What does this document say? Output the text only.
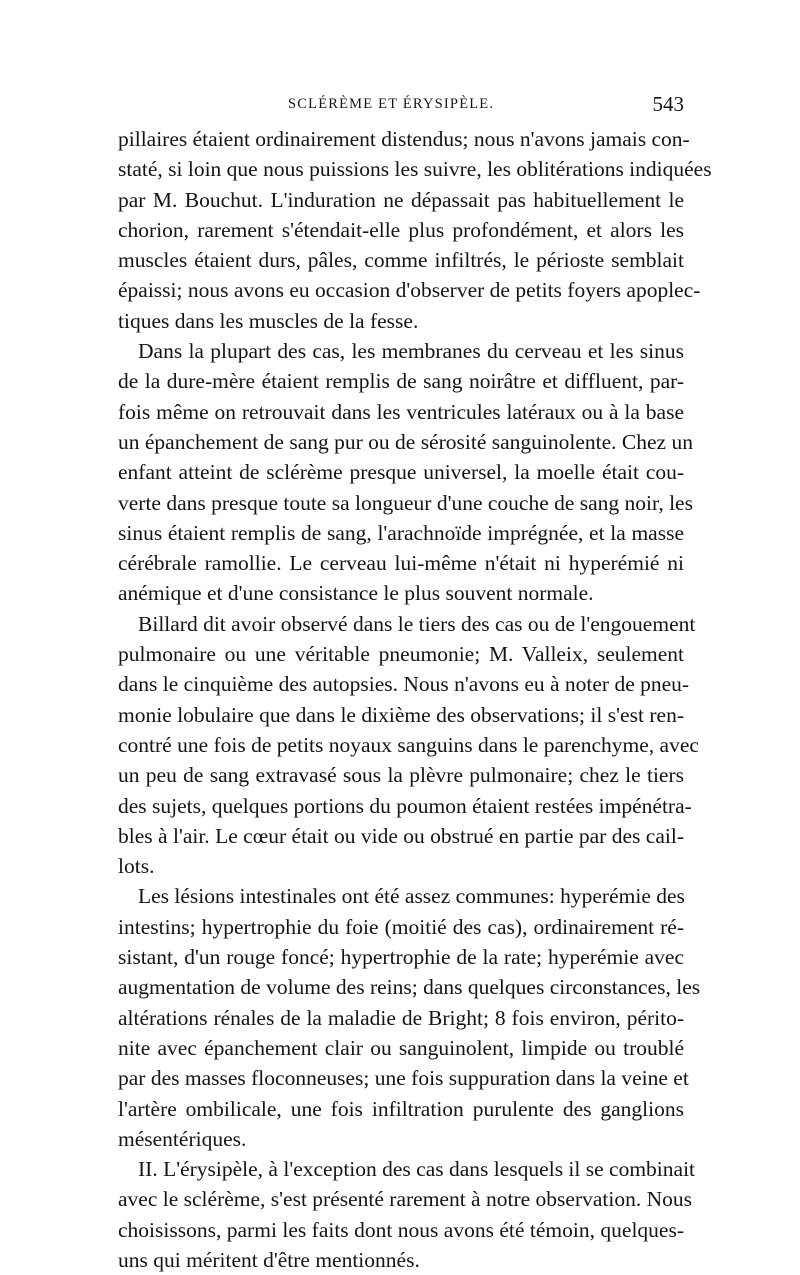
SCLÉRÈME ET ÉRYSIPÈLE.	543
pillaires étaient ordinairement distendus; nous n'avons jamais con-
staté, si loin que nous puissions les suivre, les oblitérations indiquées
par M. Bouchut. L'induration ne dépassait pas habituellement le
chorion, rarement s'étendait-elle plus profondément, et alors les
muscles étaient durs, pâles, comme infiltrés, le périoste semblait
épaissi; nous avons eu occasion d'observer de petits foyers apoplec-
tiques dans les muscles de la fesse.
Dans la plupart des cas, les membranes du cerveau et les sinus
de la dure-mère étaient remplis de sang noirâtre et diffluent, par-
fois même on retrouvait dans les ventricules latéraux ou à la base
un épanchement de sang pur ou de sérosité sanguinolente. Chez un
enfant atteint de sclérème presque universel, la moelle était cou-
verte dans presque toute sa longueur d'une couche de sang noir, les
sinus étaient remplis de sang, l'arachnoïde imprégnée, et la masse
cérébrale ramollie. Le cerveau lui-même n'était ni hyperémié ni
anémique et d'une consistance le plus souvent normale.
Billard dit avoir observé dans le tiers des cas ou de l'engouement
pulmonaire ou une véritable pneumonie; M. Valleix, seulement
dans le cinquième des autopsies. Nous n'avons eu à noter de pneu-
monie lobulaire que dans le dixième des observations; il s'est ren-
contré une fois de petits noyaux sanguins dans le parenchyme, avec
un peu de sang extravasé sous la plèvre pulmonaire; chez le tiers
des sujets, quelques portions du poumon étaient restées impénétra-
bles à l'air. Le cœur était ou vide ou obstrué en partie par des cail-
lots.
Les lésions intestinales ont été assez communes: hyperémie des
intestins; hypertrophie du foie (moitié des cas), ordinairement ré-
sistant, d'un rouge foncé; hypertrophie de la rate; hyperémie avec
augmentation de volume des reins; dans quelques circonstances, les
altérations rénales de la maladie de Bright; 8 fois environ, périto-
nite avec épanchement clair ou sanguinolent, limpide ou troublé
par des masses floconneuses; une fois suppuration dans la veine et
l'artère ombilicale, une fois infiltration purulente des ganglions
mésentériques.
II. L'érysipèle, à l'exception des cas dans lesquels il se combinait
avec le sclérème, s'est présenté rarement à notre observation. Nous
choisissons, parmi les faits dont nous avons été témoin, quelques-
uns qui méritent d'être mentionnés.
